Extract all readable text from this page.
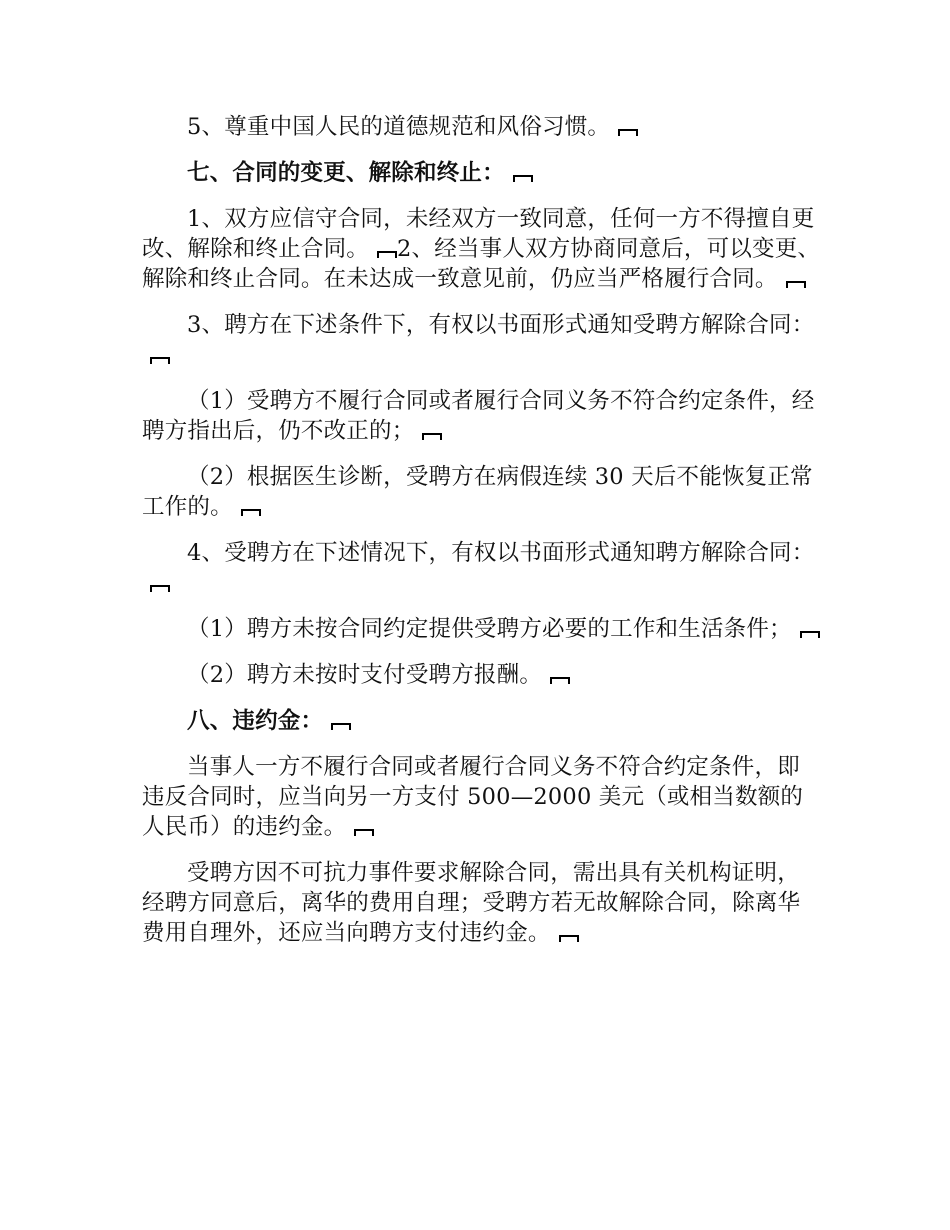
5、尊重中国人民的道德规范和风俗习惯。

七、合同的变更、解除和终止：

1、双方应信守合同，未经双方一致同意，任何一方不得擅自更改、解除和终止合同。 2、经当事人双方协商同意后，可以变更、解除和终止合同。在未达成一致意见前，仍应当严格履行合同。

3、聘方在下述条件下，有权以书面形式通知受聘方解除合同：

（1）受聘方不履行合同或者履行合同义务不符合约定条件，经聘方指出后，仍不改正的；

（2）根据医生诊断，受聘方在病假连续 30 天后不能恢复正常工作的。

4、受聘方在下述情况下，有权以书面形式通知聘方解除合同：

（1）聘方未按合同约定提供受聘方必要的工作和生活条件；

（2）聘方未按时支付受聘方报酬。

八、违约金：

当事人一方不履行合同或者履行合同义务不符合约定条件，即违反合同时，应当向另一方支付 500—2000 美元（或相当数额的人民币）的违约金。

受聘方因不可抗力事件要求解除合同，需出具有关机构证明，经聘方同意后，离华的费用自理；受聘方若无故解除合同，除离华费用自理外，还应当向聘方支付违约金。
